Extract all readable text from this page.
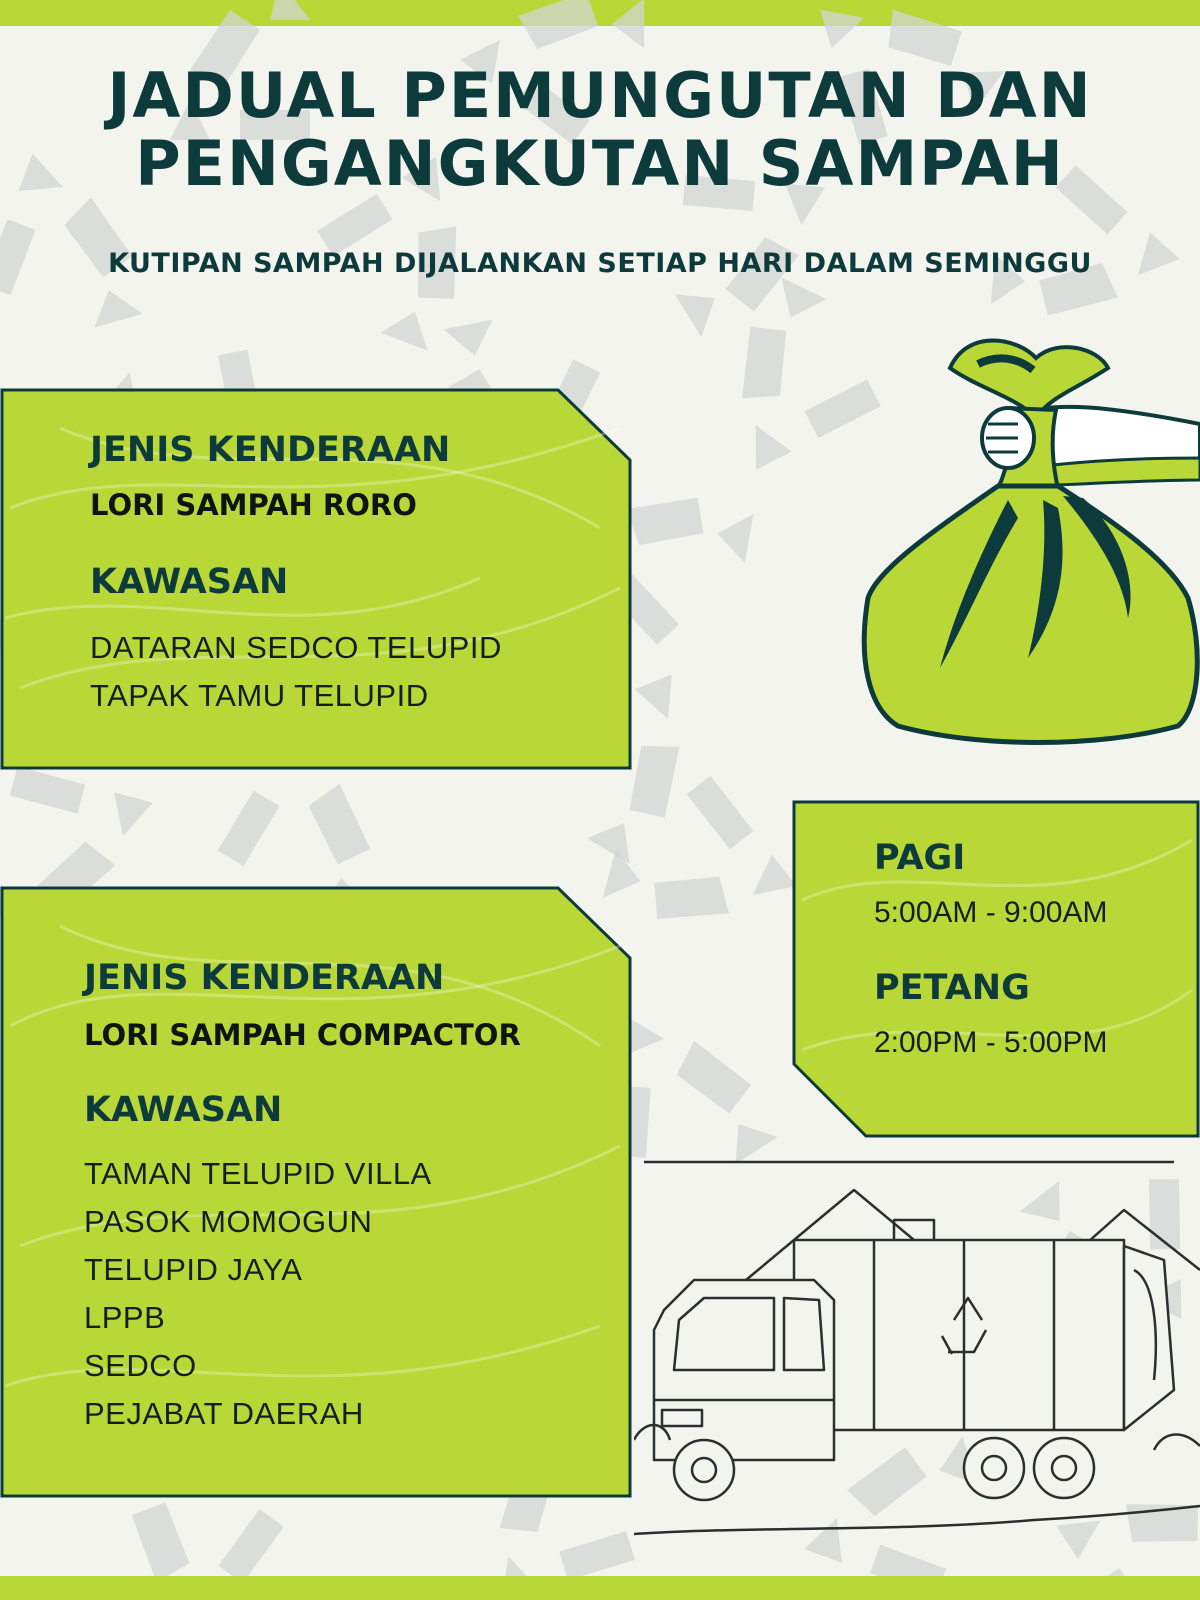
JADUAL PEMUNGUTAN DAN
PENGANGKUTAN SAMPAH
KUTIPAN SAMPAH DIJALANKAN SETIAP HARI DALAM SEMINGGU

JENIS KENDERAAN

LORI SAMPAH RORO

KAWASAN

DATARAN SEDCO TELUPID

TAPAK TAMU TELUPID

JENIS KENDERAAN

LORI SAMPAH COMPACTOR

KAWASAN

TAMAN TELUPID VILLA

PASOK MOMOGUN

TELUPID JAYA

LPPB

SEDCO

PEJABAT DAERAH

PAGI

5:00AM - 9:00AM

PETANG

2:00PM - 5:00PM
